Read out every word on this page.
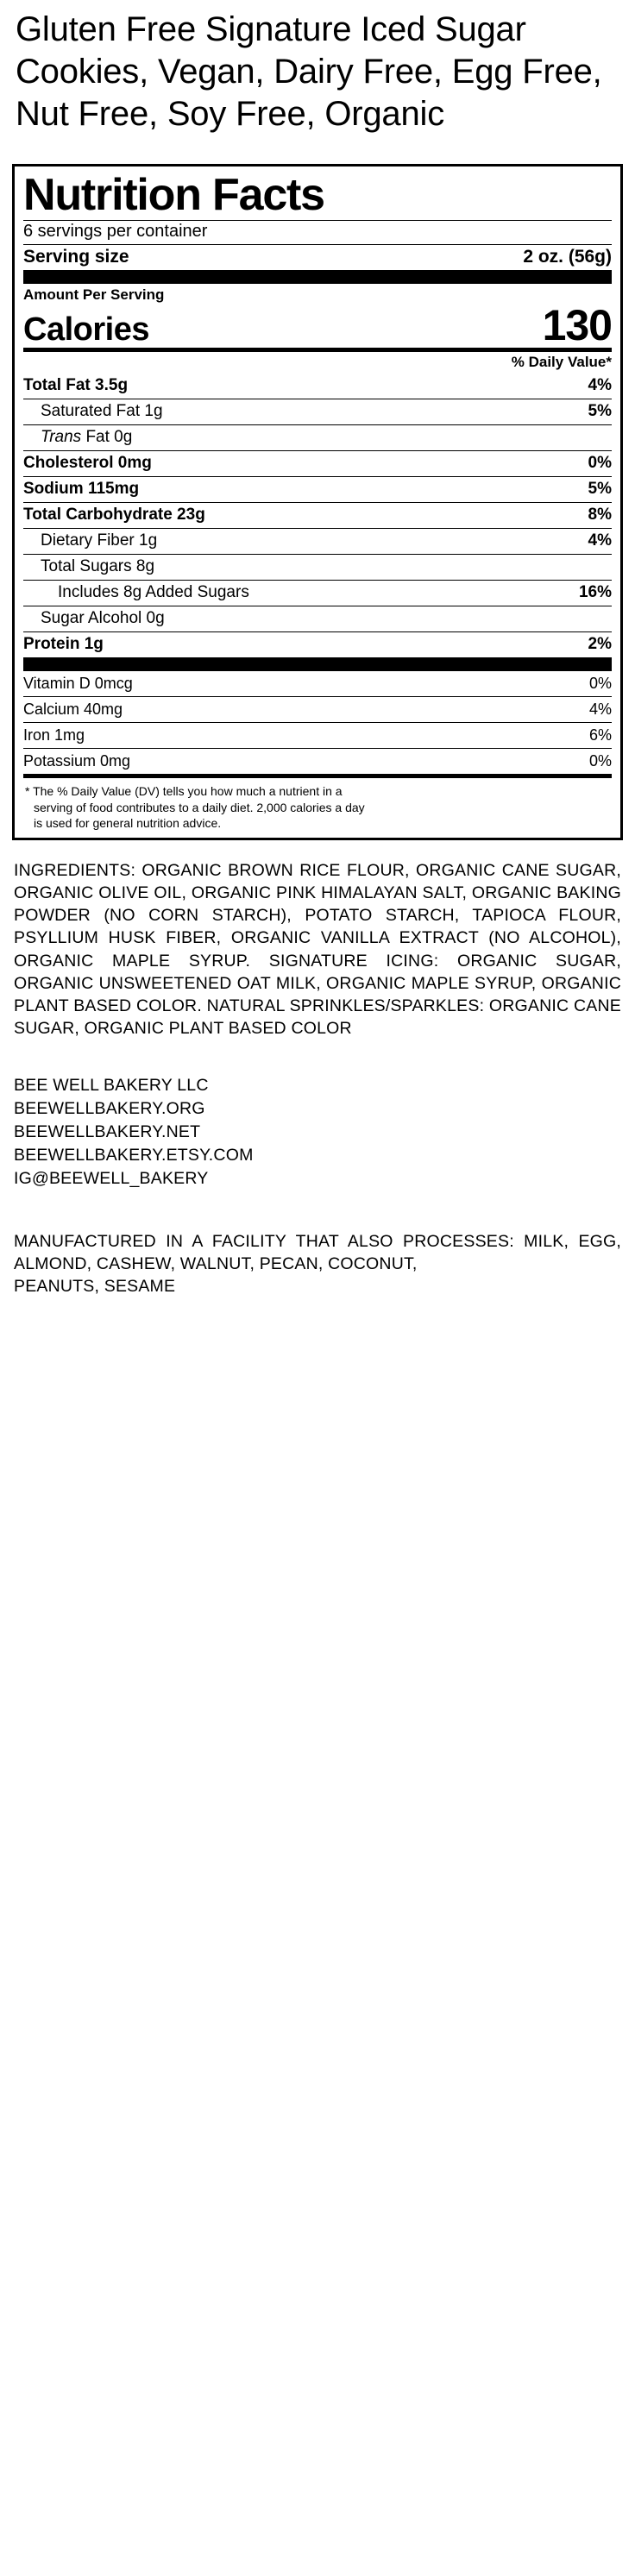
Gluten Free Signature Iced Sugar Cookies, Vegan, Dairy Free, Egg Free, Nut Free, Soy Free, Organic
Nutrition Facts
6 servings per container
Serving size	2 oz. (56g)
Amount Per Serving
Calories	130
% Daily Value*
Total Fat 3.5g	4%
Saturated Fat 1g	5%
Trans Fat 0g
Cholesterol 0mg	0%
Sodium 115mg	5%
Total Carbohydrate 23g	8%
Dietary Fiber 1g	4%
Total Sugars 8g
Includes 8g Added Sugars	16%
Sugar Alcohol 0g
Protein 1g	2%
Vitamin D 0mcg	0%
Calcium 40mg	4%
Iron 1mg	6%
Potassium 0mg	0%
* The % Daily Value (DV) tells you how much a nutrient in a
serving of food contributes to a daily diet. 2,000 calories a day
is used for general nutrition advice.
INGREDIENTS: ORGANIC BROWN RICE FLOUR, ORGANIC CANE SUGAR, ORGANIC OLIVE OIL, ORGANIC PINK HIMALAYAN SALT, ORGANIC BAKING POWDER (NO CORN STARCH), POTATO STARCH, TAPIOCA FLOUR, PSYLLIUM HUSK FIBER, ORGANIC VANILLA EXTRACT (NO ALCOHOL), ORGANIC MAPLE SYRUP. SIGNATURE ICING: ORGANIC SUGAR, ORGANIC UNSWEETENED OAT MILK, ORGANIC MAPLE SYRUP, ORGANIC PLANT BASED COLOR. NATURAL SPRINKLES/SPARKLES: ORGANIC CANE SUGAR, ORGANIC PLANT BASED COLOR
BEE WELL BAKERY LLC
BEEWELLBAKERY.ORG
BEEWELLBAKERY.NET
BEEWELLBAKERY.ETSY.COM
IG@BEEWELL_BAKERY
MANUFACTURED IN A FACILITY THAT ALSO PROCESSES: MILK, EGG, ALMOND, CASHEW, WALNUT, PECAN, COCONUT,
PEANUTS, SESAME
